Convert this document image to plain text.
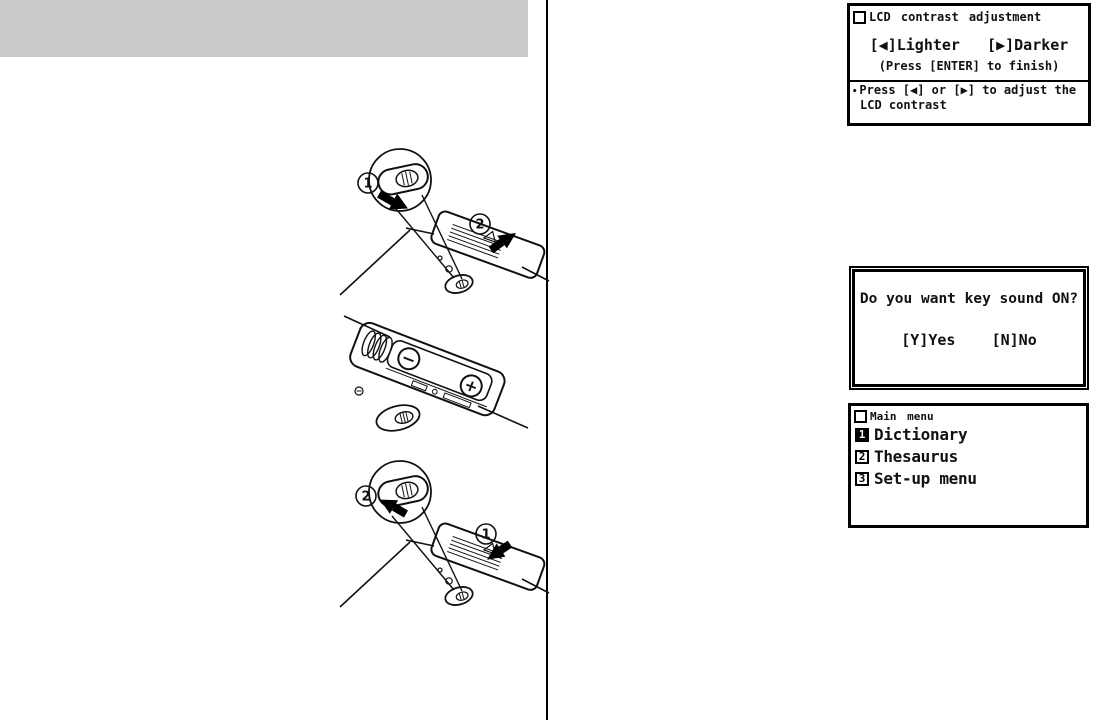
1
2
−
+
2
1
LCD contrast adjustment
[◀]Lighter   [▶]Darker
(Press [ENTER] to finish)
• Press [◀] or [▶] to adjust the
LCD contrast
Do you want key sound ON?
[Y]Yes    [N]No
Main menu
1 Dictionary
2 Thesaurus
3 Set-up menu
